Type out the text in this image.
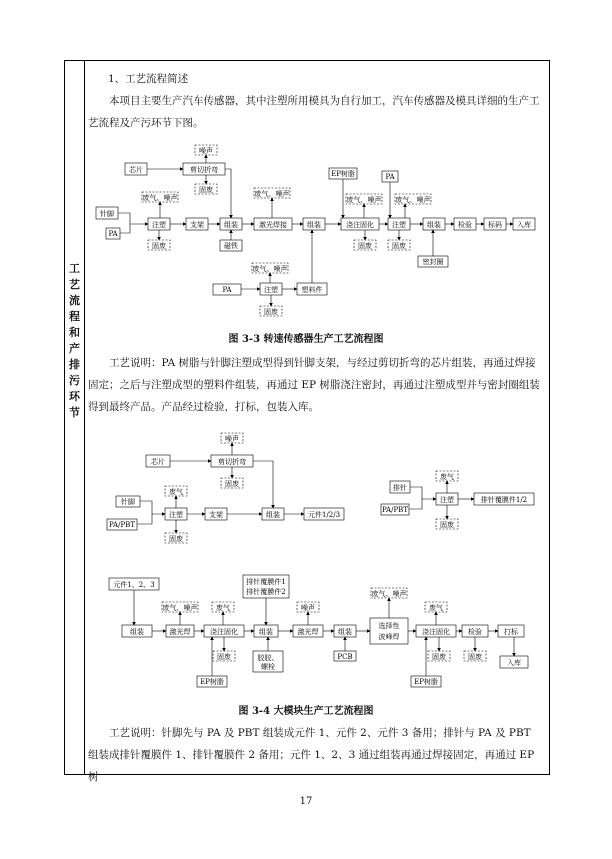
工艺流程和产排污环节
1、工艺流程简述
本项目主要生产汽车传感器，其中注塑所用模具为自行加工，汽车传感器及模具详细的生产工艺流程及产污环节下图。
噪声
芯片	剪切折弯
固废
针脚
PA
废气、噪声
注塑
固废
支架	组装
磁铁
废气、噪声
激光焊接	组装
EP树脂
废气、噪声
浇注固化
固废
PA
废气、噪声
注塑
固废
组装
密封圈
检验 标码 入库
废气、噪声
PA	注塑	塑料件
固废
图 3-3 转速传感器生产工艺流程图
工艺说明：PA 树脂与针脚注塑成型得到针脚支架，与经过剪切折弯的芯片组装，再通过焊接固定；之后与注塑成型的塑料件组装，再通过 EP 树脂浇注密封，再通过注塑成型并与密封圈组装得到最终产品。产品经过检验，打标，包装入库。
噪声
芯片	剪切折弯
固废
针脚
PA/PBT
废气
注塑
固废
支架	组装	元件1/2/3
排针
废气
PA/PBT
注塑	排针覆膜件1/2
固废
元件1、2、3	排针覆膜件1
排针覆膜件2
废气、噪声	废气	噪声
废气、噪声
废气
组装	激光焊	浇注固化	组装	激光焊	组装
选择性
波峰焊
浇注固化	检验	打标
入库
固废	胶胶、
螺栓
PCB	固废	固废
EP树脂	EP树脂
图 3-4 大模块生产工艺流程图
工艺说明：针脚先与 PA 及 PBT 组装成元件 1、元件 2、元件 3 备用；排针与 PA 及 PBT 组装成排针覆膜件 1、排针覆膜件 2 备用；元件 1、2、3 通过组装再通过焊接固定，再通过 EP 树
17
